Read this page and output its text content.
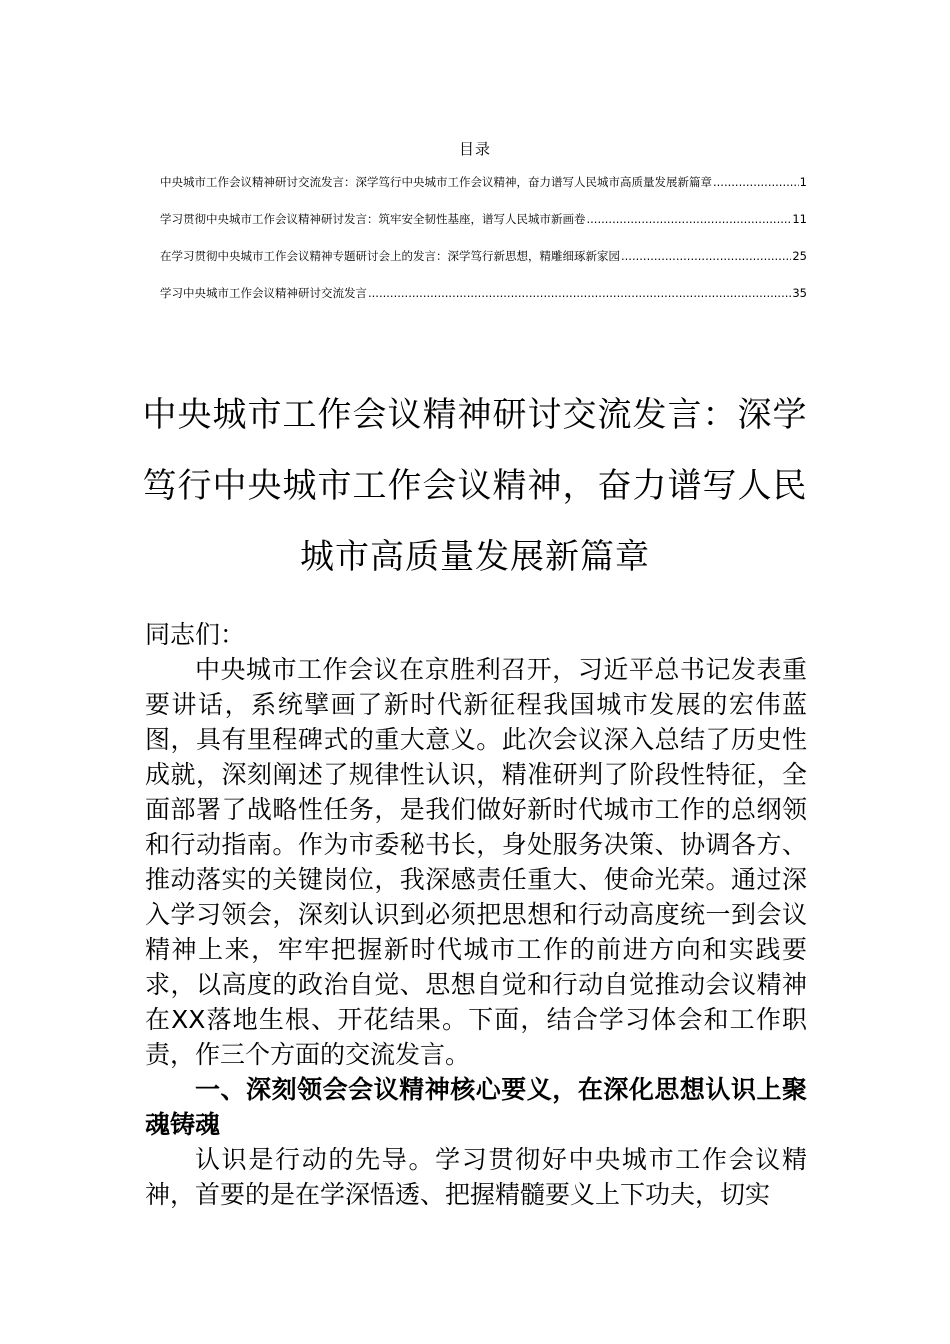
目录
中央城市工作会议精神研讨交流发言：深学笃行中央城市工作会议精神，奋力谱写人民城市高质量发展新篇章 .....	1
学习贯彻中央城市工作会议精神研讨发言：筑牢安全韧性基座，谱写人民城市新画卷 .....	11
在学习贯彻中央城市工作会议精神专题研讨会上的发言：深学笃行新思想，精雕细琢新家园 .....	25
学习中央城市工作会议精神研讨交流发言 .....	35
中央城市工作会议精神研讨交流发言：深学笃行中央城市工作会议精神，奋力谱写人民城市高质量发展新篇章

同志们：

中央城市工作会议在京胜利召开，习近平总书记发表重要讲话，系统擘画了新时代新征程我国城市发展的宏伟蓝图，具有里程碑式的重大意义。此次会议深入总结了历史性成就，深刻阐述了规律性认识，精准研判了阶段性特征，全面部署了战略性任务，是我们做好新时代城市工作的总纲领和行动指南。作为市委秘书长，身处服务决策、协调各方、推动落实的关键岗位，我深感责任重大、使命光荣。通过深入学习领会，深刻认识到必须把思想和行动高度统一到会议精神上来，牢牢把握新时代城市工作的前进方向和实践要求，以高度的政治自觉、思想自觉和行动自觉推动会议精神在XX落地生根、开花结果。下面，结合学习体会和工作职责，作三个方面的交流发言。

一、深刻领会会议精神核心要义，在深化思想认识上聚魂铸魂

认识是行动的先导。学习贯彻好中央城市工作会议精神，首要的是在学深悟透、把握精髓要义上下功夫，切实
